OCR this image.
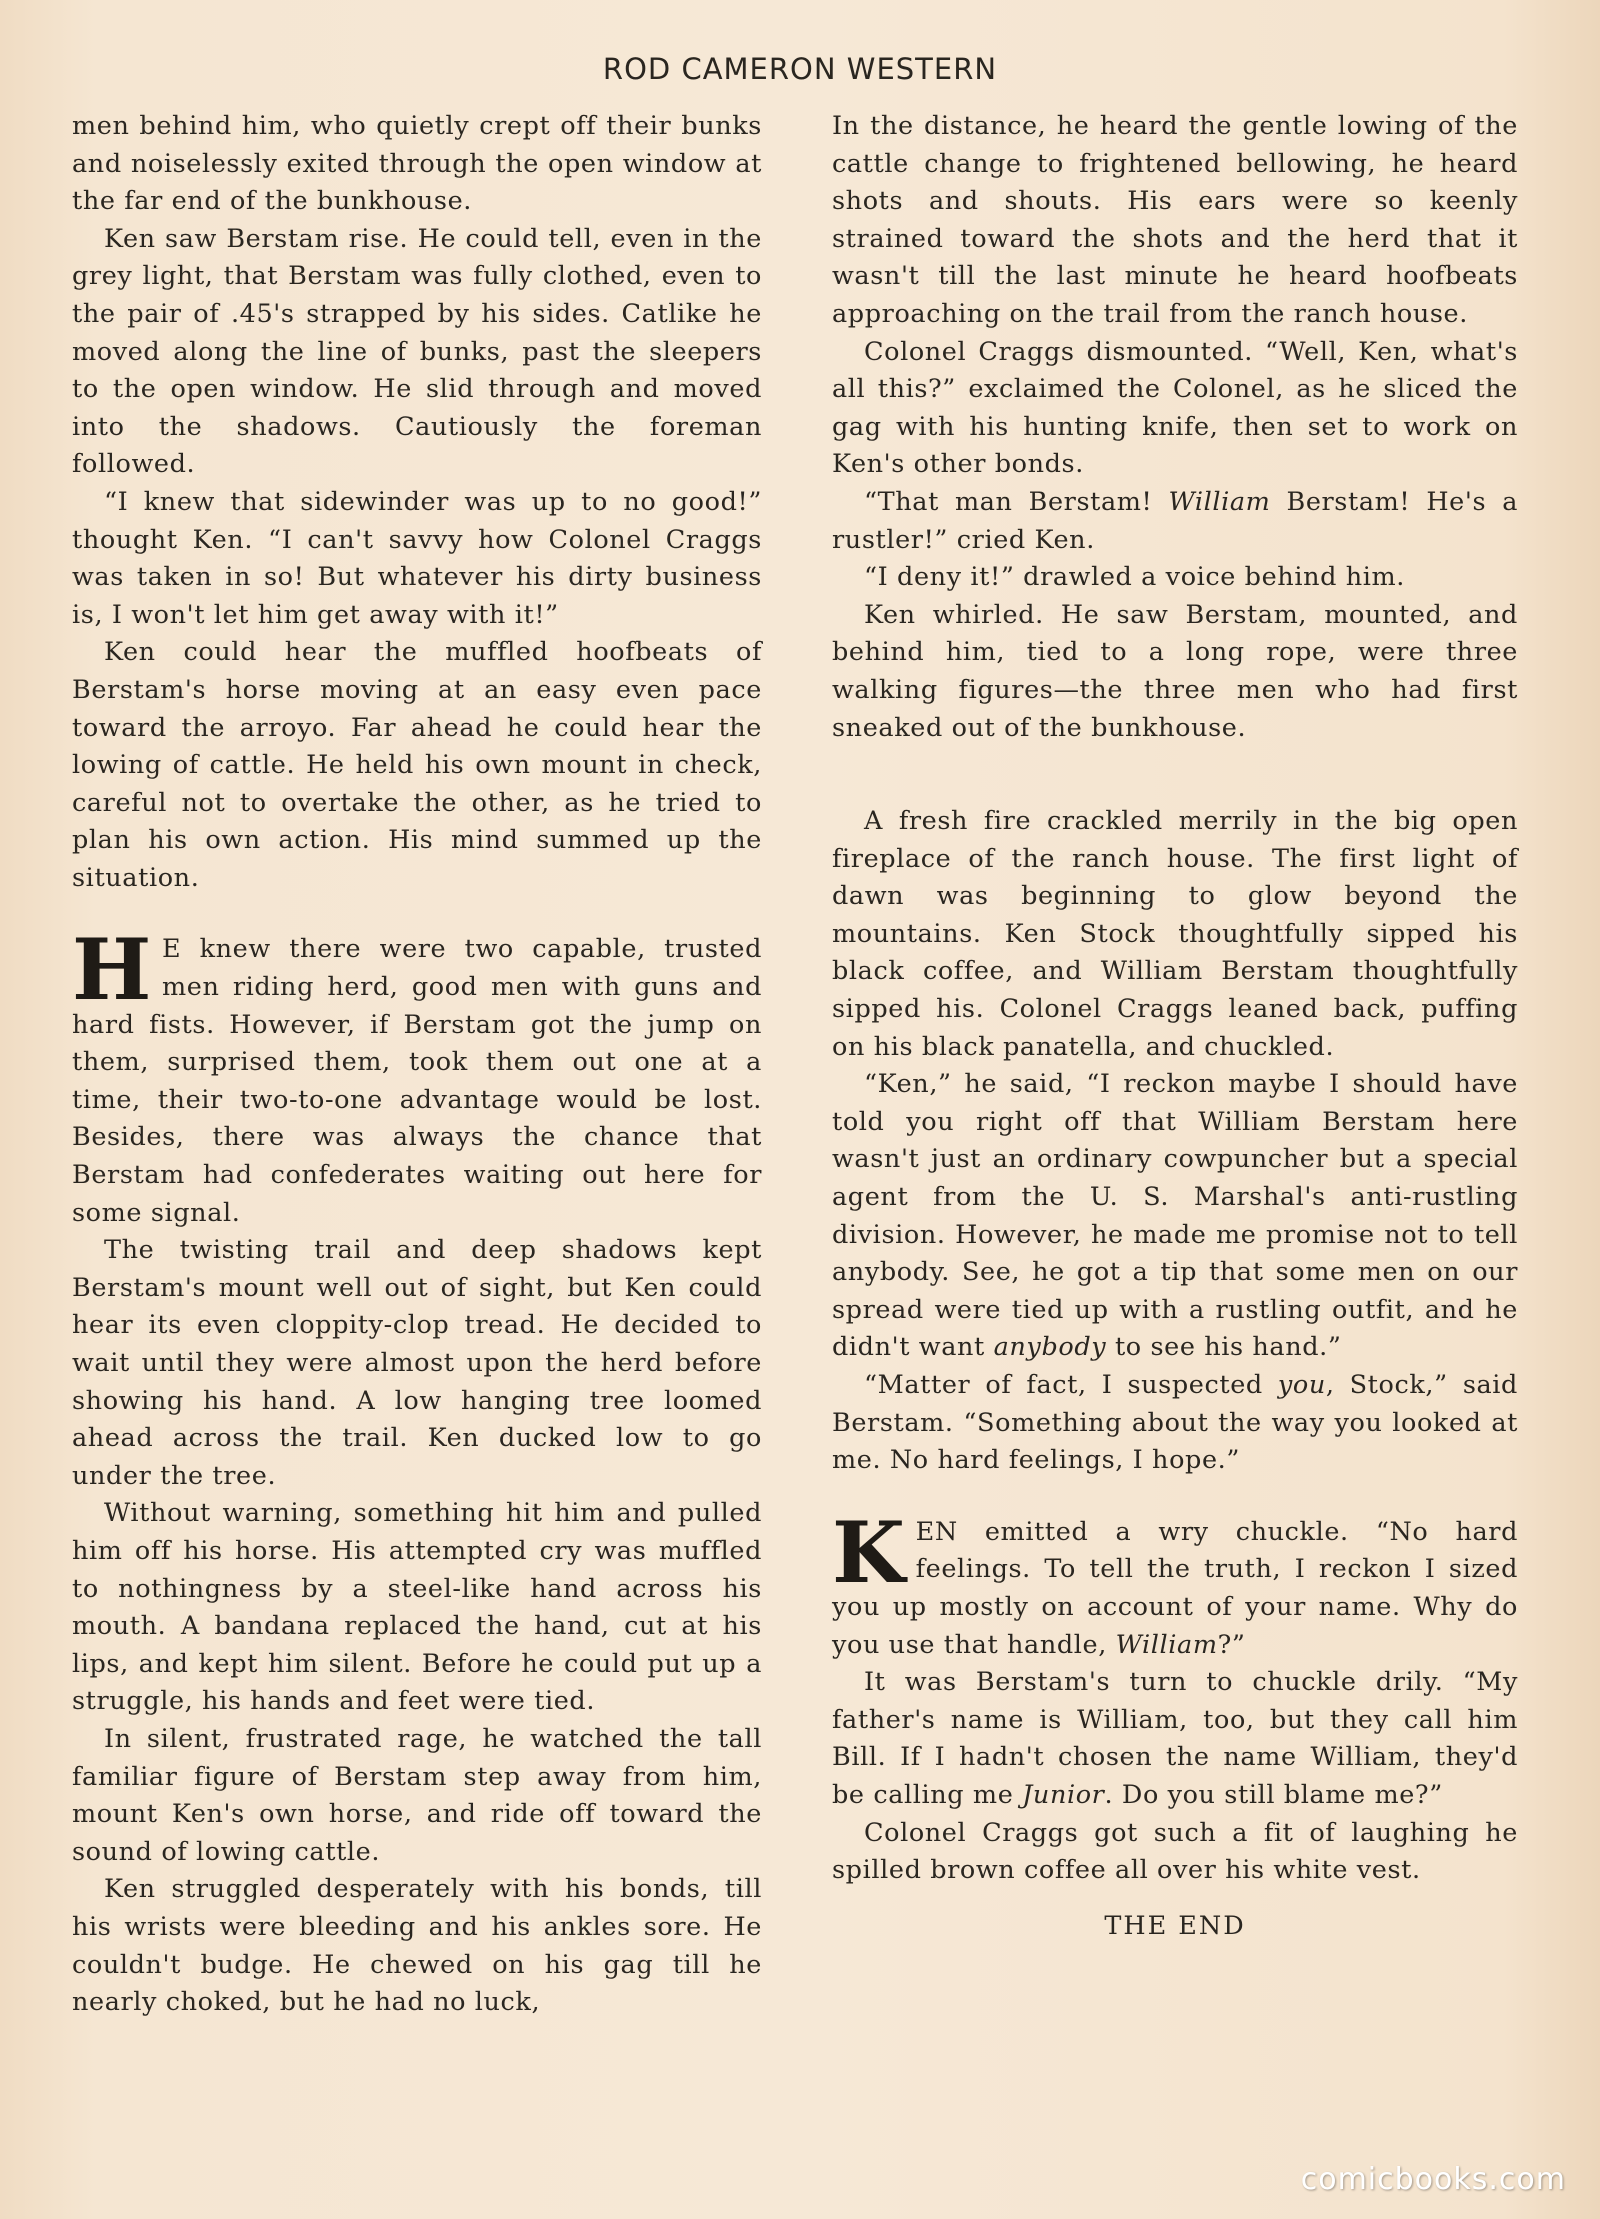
ROD CAMERON WESTERN

men behind him, who quietly crept off their bunks and noiselessly exited through the open window at the far end of the bunkhouse.

Ken saw Berstam rise. He could tell, even in the grey light, that Berstam was fully clothed, even to the pair of .45's strapped by his sides. Catlike he moved along the line of bunks, past the sleepers to the open window. He slid through and moved into the shadows. Cautiously the foreman followed.

“I knew that sidewinder was up to no good!” thought Ken. “I can't savvy how Colonel Craggs was taken in so! But whatever his dirty business is, I won't let him get away with it!”

Ken could hear the muffled hoofbeats of Berstam's horse moving at an easy even pace toward the arroyo. Far ahead he could hear the lowing of cattle. He held his own mount in check, careful not to overtake the other, as he tried to plan his own action. His mind summed up the situation.

H E knew there were two capable, trusted men riding herd, good men with guns and hard fists. However, if Berstam got the jump on them, surprised them, took them out one at a time, their two-to-one advantage would be lost. Besides, there was always the chance that Berstam had confederates waiting out here for some signal.

The twisting trail and deep shadows kept Berstam's mount well out of sight, but Ken could hear its even cloppity-clop tread. He decided to wait until they were almost upon the herd before showing his hand. A low hanging tree loomed ahead across the trail. Ken ducked low to go under the tree.

Without warning, something hit him and pulled him off his horse. His attempted cry was muffled to nothingness by a steel-like hand across his mouth. A bandana replaced the hand, cut at his lips, and kept him silent. Before he could put up a struggle, his hands and feet were tied.

In silent, frustrated rage, he watched the tall familiar figure of Berstam step away from him, mount Ken's own horse, and ride off toward the sound of lowing cattle.

Ken struggled desperately with his bonds, till his wrists were bleeding and his ankles sore. He couldn't budge. He chewed on his gag till he nearly choked, but he had no luck,

In the distance, he heard the gentle lowing of the cattle change to frightened bellowing, he heard shots and shouts. His ears were so keenly strained toward the shots and the herd that it wasn't till the last minute he heard hoofbeats approaching on the trail from the ranch house.

Colonel Craggs dismounted. “Well, Ken, what's all this?” exclaimed the Colonel, as he sliced the gag with his hunting knife, then set to work on Ken's other bonds.

“That man Berstam! William Berstam! He's a rustler!” cried Ken.

“I deny it!” drawled a voice behind him.

Ken whirled. He saw Berstam, mounted, and behind him, tied to a long rope, were three walking figures—the three men who had first sneaked out of the bunkhouse.

A fresh fire crackled merrily in the big open fireplace of the ranch house. The first light of dawn was beginning to glow beyond the mountains. Ken Stock thoughtfully sipped his black coffee, and William Berstam thoughtfully sipped his. Colonel Craggs leaned back, puffing on his black panatella, and chuckled.

“Ken,” he said, “I reckon maybe I should have told you right off that William Berstam here wasn't just an ordinary cowpuncher but a special agent from the U. S. Marshal's anti-rustling division. However, he made me promise not to tell anybody. See, he got a tip that some men on our spread were tied up with a rustling outfit, and he didn't want anybody to see his hand.”

“Matter of fact, I suspected you, Stock,” said Berstam. “Something about the way you looked at me. No hard feelings, I hope.”

KEN emitted a wry chuckle. “No hard feelings. To tell the truth, I reckon I sized you up mostly on account of your name. Why do you use that handle, William?”

It was Berstam's turn to chuckle drily. “My father's name is William, too, but they call him Bill. If I hadn't chosen the name William, they'd be calling me Junior. Do you still blame me?”

Colonel Craggs got such a fit of laughing he spilled brown coffee all over his white vest.

THE END

comicbooks.com
